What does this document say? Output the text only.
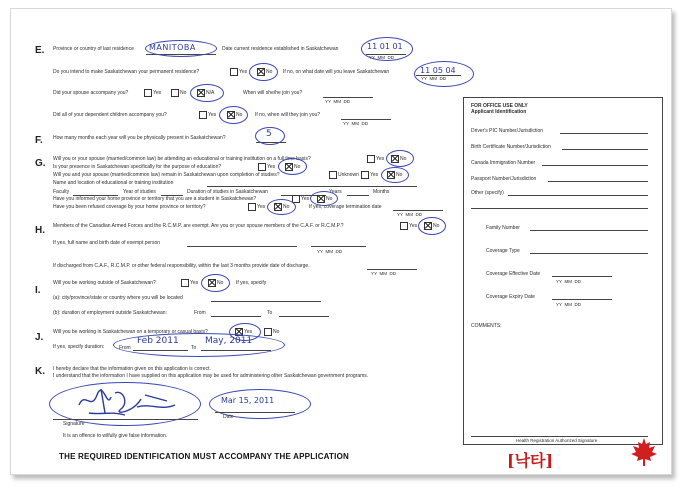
E. Province or country of last residence MANITOBA	Date current residence established in Saskatchewan	11 01 01
YY MM DD
Do you intend to make Saskatchewan your permanent residence?	Yes	No If no, on what date will you leave Saskatchewan	11 05 04
YY MM DD
Did your spouse accompany you?	Yes	No	N/A	When will she/he join you?
YY MM DD
Did all of your dependent children accompany you?	Yes	No	If no, when will they join you?
YY MM DD
F. How many months each year will you be physically present in Saskatchewan?	5
G. Will you or your spouse (married/common law) be attending an educational or training institution on a full time basis?	Yes	No
Is your presence in Saskatchewan specifically for the purpose of education?	Yes	No
Will you and your spouse (married/common law) remain in Saskatchewan upon completion of studies?	Unknown Yes	No
Name and location of educational or training institution
Faculty	Year of studies	Duration of studies in Saskatchewan	Years	Months
Have you informed your home province or territory that you are a student in Saskatchewan?	Yes	No
Have you been refused coverage by your home province or territory?	Yes	No	If yes, coverage termination date
YY MM DD
H. Members of the Canadian Armed Forces and the R.C.M.P. are exempt. Are you or your spouse members of the C.A.F. or R.C.M.P.?	Yes	No
If yes, full name and birth date of exempt person
YY MM DD
If discharged from C.A.F., R.C.M.P. or other federal responsibility, within the last 3 months provide date of discharge.
YY MM DD
I.
Will you be working outside of Saskatchewan?	Yes	No	If yes, specify
(a): city/province/state or country where you will be located
(b): duration of employment outside Saskatchewan:	From	To
J. Will you be working in Saskatchewan on a temporary or casual basis?	Yes	No
If yes, specify duration:	From
Feb 2011
To
May, 2011
K. I hereby declare that the information given on this application is correct.
I understand that the information I have supplied on this application may be used for administering other Saskatchewan government programs.
Signature
Mar 15, 2011
Date
It is an offence to wilfully give false information.
THE REQUIRED IDENTIFICATION MUST ACCOMPANY THE APPLICATION
FOR OFFICE USE ONLY
Applicant Identification
Driver's PIC Number/Jurisdiction
Birth Certificate Number/Jurisdiction
Canada Immigration Number
Passport Number/Jurisdiction
Other (specify)
Family Number
Coverage Type
Coverage Effective Date
YY MM DD
Coverage Expiry Date
YY MM DD
COMMENTS:
Health Registration Authorized Signature
[낙타]
